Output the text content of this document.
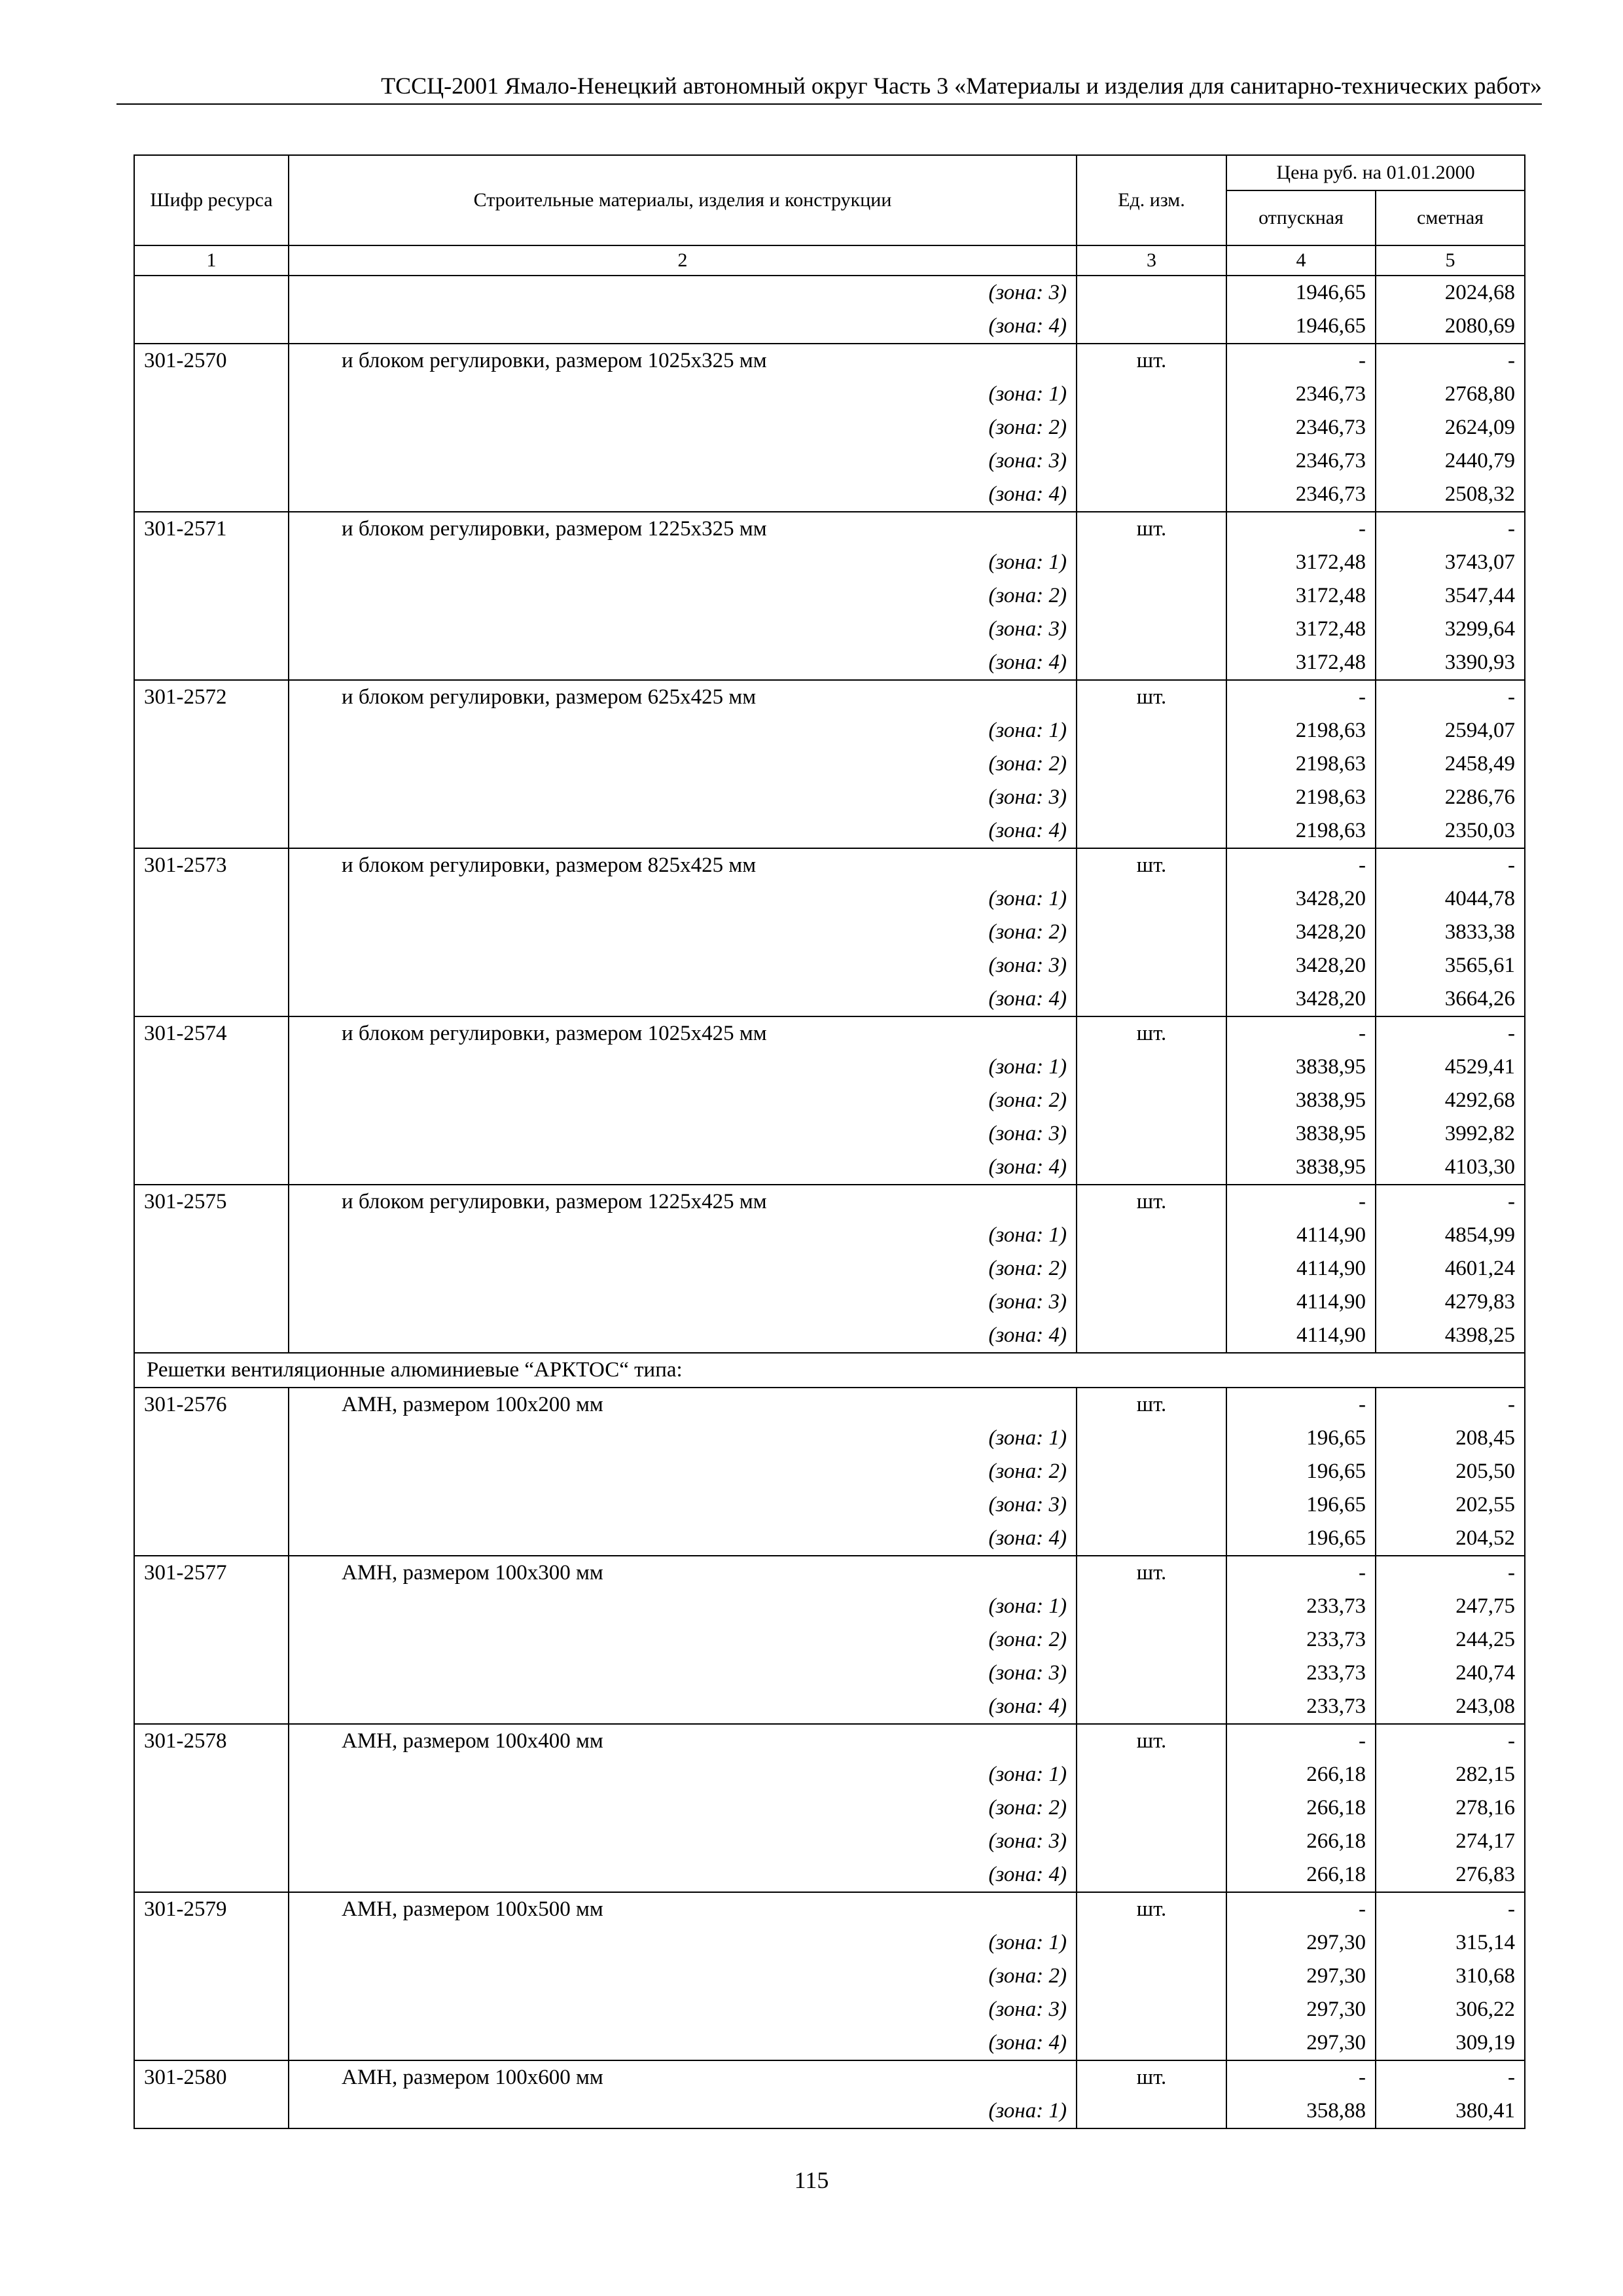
ТССЦ-2001 Ямало-Ненецкий автономный округ Часть 3 «Материалы и изделия для санитарно-технических работ»
Шифр ресурса	Строительные материалы, изделия и конструкции	Ед. изм.	Цена руб. на 01.01.2000	
			отпускная	сметная
1	2	3	4	5
	(зона: 3)		1946,65	2024,68
	(зона: 4)		1946,65	2080,69
301-2570	и блоком регулировки, размером 1025х325 мм	шт.	-	-
	(зона: 1)		2346,73	2768,80
	(зона: 2)		2346,73	2624,09
	(зона: 3)		2346,73	2440,79
	(зона: 4)		2346,73	2508,32
301-2571	и блоком регулировки, размером 1225х325 мм	шт.	-	-
	(зона: 1)		3172,48	3743,07
	(зона: 2)		3172,48	3547,44
	(зона: 3)		3172,48	3299,64
	(зона: 4)		3172,48	3390,93
301-2572	и блоком регулировки, размером 625х425 мм	шт.	-	-
	(зона: 1)		2198,63	2594,07
	(зона: 2)		2198,63	2458,49
	(зона: 3)		2198,63	2286,76
	(зона: 4)		2198,63	2350,03
301-2573	и блоком регулировки, размером 825х425 мм	шт.	-	-
	(зона: 1)		3428,20	4044,78
	(зона: 2)		3428,20	3833,38
	(зона: 3)		3428,20	3565,61
	(зона: 4)		3428,20	3664,26
301-2574	и блоком регулировки, размером 1025х425 мм	шт.	-	-
	(зона: 1)		3838,95	4529,41
	(зона: 2)		3838,95	4292,68
	(зона: 3)		3838,95	3992,82
	(зона: 4)		3838,95	4103,30
301-2575	и блоком регулировки, размером 1225х425 мм	шт.	-	-
	(зона: 1)		4114,90	4854,99
	(зона: 2)		4114,90	4601,24
	(зона: 3)		4114,90	4279,83
	(зона: 4)		4114,90	4398,25
Решетки вентиляционные алюминиевые “АРКТОС“ типа:				
301-2576	АМН, размером 100х200 мм	шт.	-	-
	(зона: 1)		196,65	208,45
	(зона: 2)		196,65	205,50
	(зона: 3)		196,65	202,55
	(зона: 4)		196,65	204,52
301-2577	АМН, размером 100х300 мм	шт.	-	-
	(зона: 1)		233,73	247,75
	(зона: 2)		233,73	244,25
	(зона: 3)		233,73	240,74
	(зона: 4)		233,73	243,08
301-2578	АМН, размером 100х400 мм	шт.	-	-
	(зона: 1)		266,18	282,15
	(зона: 2)		266,18	278,16
	(зона: 3)		266,18	274,17
	(зона: 4)		266,18	276,83
301-2579	АМН, размером 100х500 мм	шт.	-	-
	(зона: 1)		297,30	315,14
	(зона: 2)		297,30	310,68
	(зона: 3)		297,30	306,22
	(зона: 4)		297,30	309,19
301-2580	АМН, размером 100х600 мм	шт.	-	-
	(зона: 1)		358,88	380,41
115
